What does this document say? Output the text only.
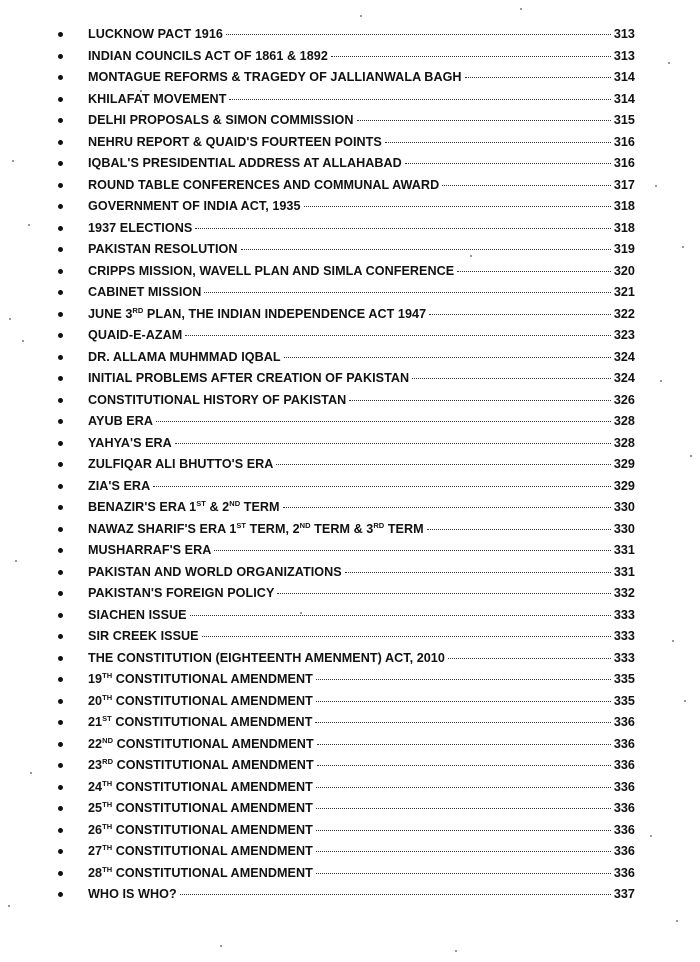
LUCKNOW PACT 1916	313
INDIAN COUNCILS ACT OF 1861 & 1892	313
MONTAGUE REFORMS & TRAGEDY OF JALLIANWALA BAGH	314
KHILAFAT MOVEMENT	314
DELHI PROPOSALS & SIMON COMMISSION	315
NEHRU REPORT & QUAID'S FOURTEEN POINTS	316
IQBAL'S PRESIDENTIAL ADDRESS AT ALLAHABAD	316
ROUND TABLE CONFERENCES AND COMMUNAL AWARD	317
GOVERNMENT OF INDIA ACT, 1935	318
1937 ELECTIONS	318
PAKISTAN RESOLUTION	319
CRIPPS MISSION, WAVELL PLAN AND SIMLA CONFERENCE	320
CABINET MISSION	321
JUNE 3RD PLAN, THE INDIAN INDEPENDENCE ACT 1947	322
QUAID-E-AZAM	323
DR. ALLAMA MUHMMAD IQBAL	324
INITIAL PROBLEMS AFTER CREATION OF PAKISTAN	324
CONSTITUTIONAL HISTORY OF PAKISTAN	326
AYUB ERA	328
YAHYA'S ERA	328
ZULFIQAR ALI BHUTTO'S ERA	329
ZIA'S ERA	329
BENAZIR'S ERA 1ST & 2ND TERM	330
NAWAZ SHARIF'S ERA 1ST TERM, 2ND TERM & 3RD TERM	330
MUSHARRAF'S ERA	331
PAKISTAN AND WORLD ORGANIZATIONS	331
PAKISTAN'S FOREIGN POLICY	332
SIACHEN ISSUE	333
SIR CREEK ISSUE	333
THE CONSTITUTION (EIGHTEENTH AMENMENT) ACT, 2010	333
19TH CONSTITUTIONAL AMENDMENT	335
20TH CONSTITUTIONAL AMENDMENT	335
21ST CONSTITUTIONAL AMENDMENT	336
22ND CONSTITUTIONAL AMENDMENT	336
23RD CONSTITUTIONAL AMENDMENT	336
24TH CONSTITUTIONAL AMENDMENT	336
25TH CONSTITUTIONAL AMENDMENT	336
26TH CONSTITUTIONAL AMENDMENT	336
27TH CONSTITUTIONAL AMENDMENT	336
28TH CONSTITUTIONAL AMENDMENT	336
WHO IS WHO?	337
